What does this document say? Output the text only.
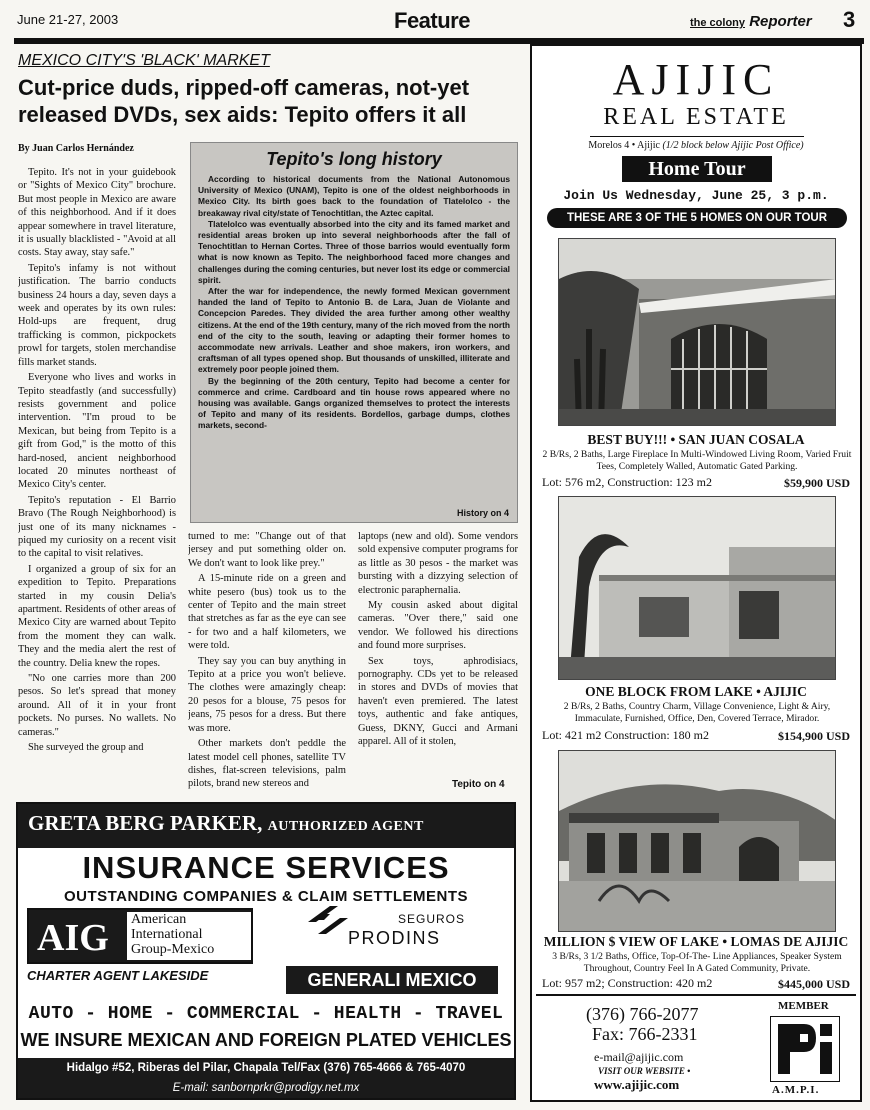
June 21-27, 2003	Feature	the colony Reporter 3
MEXICO CITY'S 'BLACK' MARKET
Cut-price duds, ripped-off cameras, not-yet released DVDs, sex aids: Tepito offers it all
By Juan Carlos Hernández

Tepito. It's not in your guidebook or "Sights of Mexico City" brochure. But most people in Mexico are aware of this neighborhood. And if it does appear somewhere in travel literature, it is usually blacklisted - "Avoid at all costs. Stay away, stay safe."

Tepito's infamy is not without justification. The barrio conducts business 24 hours a day, seven days a week and operates by its own rules: Hold-ups are frequent, drug trafficking is common, pickpockets prowl for targets, stolen merchandise fills market stands.

Everyone who lives and works in Tepito steadfastly (and successfully) resists government and police intervention. "I'm proud to be Mexican, but being from Tepito is a gift from God," is the motto of this hard-nosed, ancient neighborhood located 20 minutes northeast of Mexico City's center.

Tepito's reputation - El Barrio Bravo (The Rough Neighborhood) is just one of its many nicknames - piqued my curiosity on a recent visit to the capital to visit relatives.

I organized a group of six for an expedition to Tepito. Preparations started in my cousin Delia's apartment. Residents of other areas of Mexico City are warned about Tepito from the moment they can walk. They and the media alert the rest of the country. Delia knew the ropes.

"No one carries more than 200 pesos. So let's spread that money around. All of it in your front pockets. No purses. No wallets. No cameras."

She surveyed the group and

turned to me: "Change out of that jersey and put something older on. We don't want to look like prey."

A 15-minute ride on a green and white pesero (bus) took us to the center of Tepito and the main street that stretches as far as the eye can see - for two and a half kilometers, we were told.

They say you can buy anything in Tepito at a price you won't believe. The clothes were amazingly cheap: 20 pesos for a blouse, 75 pesos for jeans, 75 pesos for a dress. But there was more.

Other markets don't peddle the latest model cell phones, satellite TV dishes, flat-screen televisions, palm pilots, brand new stereos and

laptops (new and old). Some vendors sold expensive computer programs for as little as 30 pesos - the market was bursting with a dizzying selection of electronic paraphernalia.

My cousin asked about digital cameras. "Over there," said one vendor. We followed his directions and found more surprises.

Sex toys, aphrodisiacs, pornography. CDs yet to be released in stores and DVDs of movies that haven't even premiered. The latest toys, authentic and fake antiques, Guess, DKNY, Gucci and Armani apparel. All of it stolen,

Tepito on 4
Tepito's long history

According to historical documents from the National Autonomous University of Mexico (UNAM), Tepito is one of the oldest neighborhoods in Mexico City. Its birth goes back to the foundation of Tlatelolco - the breakaway rival city/state of Tenochtitlan, the Aztec capital.

Tlatelolco was eventually absorbed into the city and its famed market and residential areas broken up into several neighborhoods after the fall of Tenochtitlan to Hernan Cortes. Three of those barrios would eventually form what is now known as Tepito. The neighborhood faced more changes and challenges during the coming centuries, but never lost its edge or commercial spirit.

After the war for independence, the newly formed Mexican government handed the land of Tepito to Antonio B. de Lara, Juan de Violante and Concepcion Paredes. They divided the area further among other wealthy citizens. At the end of the 19th century, many of the rich moved from the north end of the city to the south, leaving or adapting their former homes to accommodate new arrivals. Leather and shoe makers, iron workers, and craftsman of all types opened shop. But thousands of unskilled, illiterate and extremely poor people joined them.

By the beginning of the 20th century, Tepito had become a center for commerce and crime. Cardboard and tin house rows appeared where no housing was available. Gangs organized themselves to protect the interests of Tepito and many of its residents. Bordellos, garbage dumps, clothes markets, second-

History on 4
GRETA BERG PARKER, AUTHORIZED AGENT
INSURANCE SERVICES
OUTSTANDING COMPANIES & CLAIM SETTLEMENTS
AIG American
International
Group-Mexico
CHARTER AGENT LAKESIDE
SEGUROS
PRODINS
GENERALI MEXICO
AUTO - HOME - COMMERCIAL - HEALTH - TRAVEL
WE INSURE MEXICAN AND FOREIGN PLATED VEHICLES
Hidalgo #52, Riberas del Pilar, Chapala Tel/Fax (376) 765-4666 & 765-4070
E-mail: sanbornprkr@prodigy.net.mx
AJIJIC
REAL ESTATE
Morelos 4 • Ajijic (1/2 block below Ajijic Post Office)
Home Tour
Join Us Wednesday, June 25, 3 p.m.
THESE ARE 3 OF THE 5 HOMES ON OUR TOUR
BEST BUY!!! • SAN JUAN COSALA
2 B/Rs, 2 Baths, Large Fireplace In Multi-Windowed Living Room, Varied Fruit Tees, Completely Walled, Automatic Gated Parking.
Lot: 576 m2, Construction: 123 m2	$59,900 USD
ONE BLOCK FROM LAKE • AJIJIC
2 B/Rs, 2 Baths, Country Charm, Village Convenience, Light & Airy, Immaculate, Furnished, Office, Den, Covered Terrace, Mirador.
Lot: 421 m2 Construction: 180 m2	$154,900 USD
MILLION $ VIEW OF LAKE • LOMAS DE AJIJIC
3 B/Rs, 3 1/2 Baths, Office, Top-Of-The- Line Appliances, Speaker System Throughout, Country Feel In A Gated Community, Private.
Lot: 957 m2; Construction: 420 m2	$445,000 USD
(376) 766-2077
Fax: 766-2331
e-mail@ajijic.com
VISIT OUR WEBSITE •
www.ajijic.com
MEMBER
A.M.P.I.
